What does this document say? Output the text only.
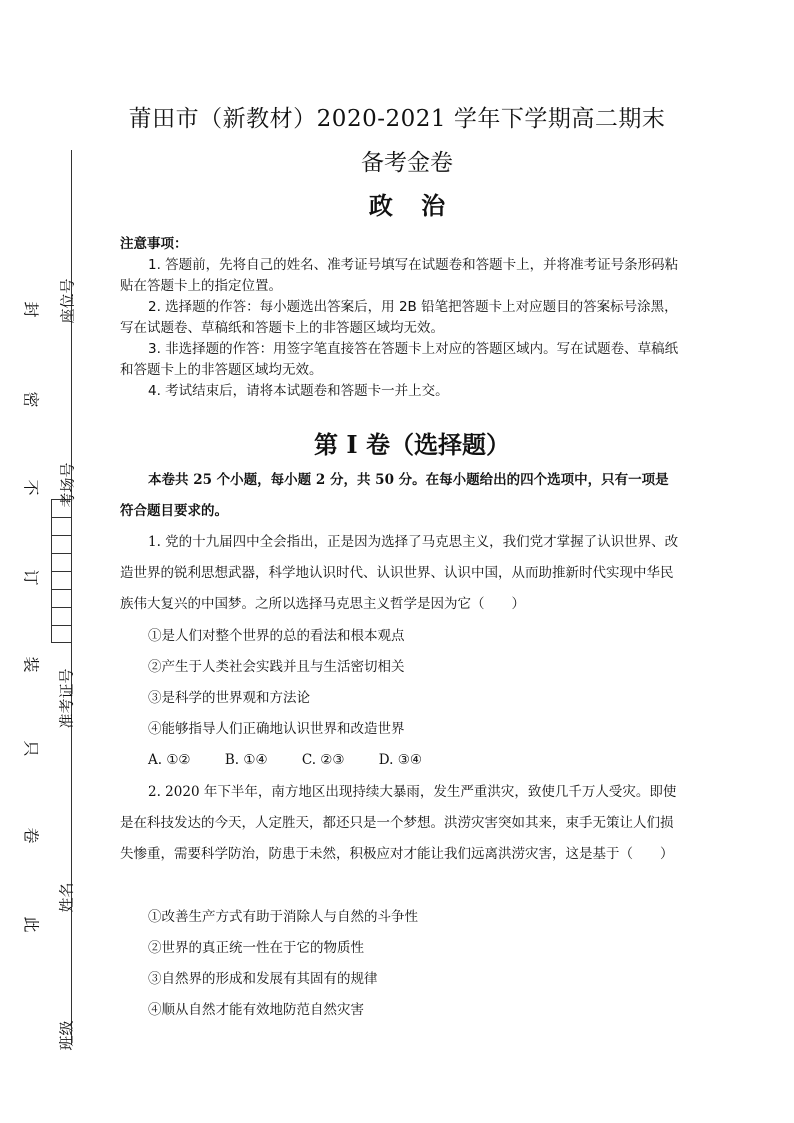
封
密
不
订
装
只
卷
此
座位号
考场号
准考证号
姓名
班级
莆田市（新教材）2020-2021 学年下学期高二期末
备考金卷
政 治
注意事项：

1. 答题前，先将自己的姓名、准考证号填写在试题卷和答题卡上，并将准考证号条形码粘贴在答题卡上的指定位置。

2. 选择题的作答：每小题选出答案后，用 2B 铅笔把答题卡上对应题目的答案标号涂黑，写在试题卷、草稿纸和答题卡上的非答题区域均无效。

3. 非选择题的作答：用签字笔直接答在答题卡上对应的答题区域内。写在试题卷、草稿纸和答题卡上的非答题区域均无效。

4. 考试结束后，请将本试题卷和答题卡一并上交。

第 I 卷（选择题）
本卷共 25 个小题，每小题 2 分，共 50 分。在每小题给出的四个选项中，只有一项是符合题目要求的。

1. 党的十九届四中全会指出，正是因为选择了马克思主义，我们党才掌握了认识世界、改造世界的锐利思想武器，科学地认识时代、认识世界、认识中国，从而助推新时代实现中华民族伟大复兴的中国梦。之所以选择马克思主义哲学是因为它（　　）

①是人们对整个世界的总的看法和根本观点
②产生于人类社会实践并且与生活密切相关
③是科学的世界观和方法论
④能够指导人们正确地认识世界和改造世界
A. ①②	B. ①④	C. ②③	D. ③④

2. 2020 年下半年，南方地区出现持续大暴雨，发生严重洪灾，致使几千万人受灾。即使是在科技发达的今天，人定胜天，都还只是一个梦想。洪涝灾害突如其来，束手无策让人们损失惨重，需要科学防治，防患于未然，积极应对才能让我们远离洪涝灾害，这是基于（　　）

①改善生产方式有助于消除人与自然的斗争性
②世界的真正统一性在于它的物质性
③自然界的形成和发展有其固有的规律
④顺从自然才能有效地防范自然灾害
